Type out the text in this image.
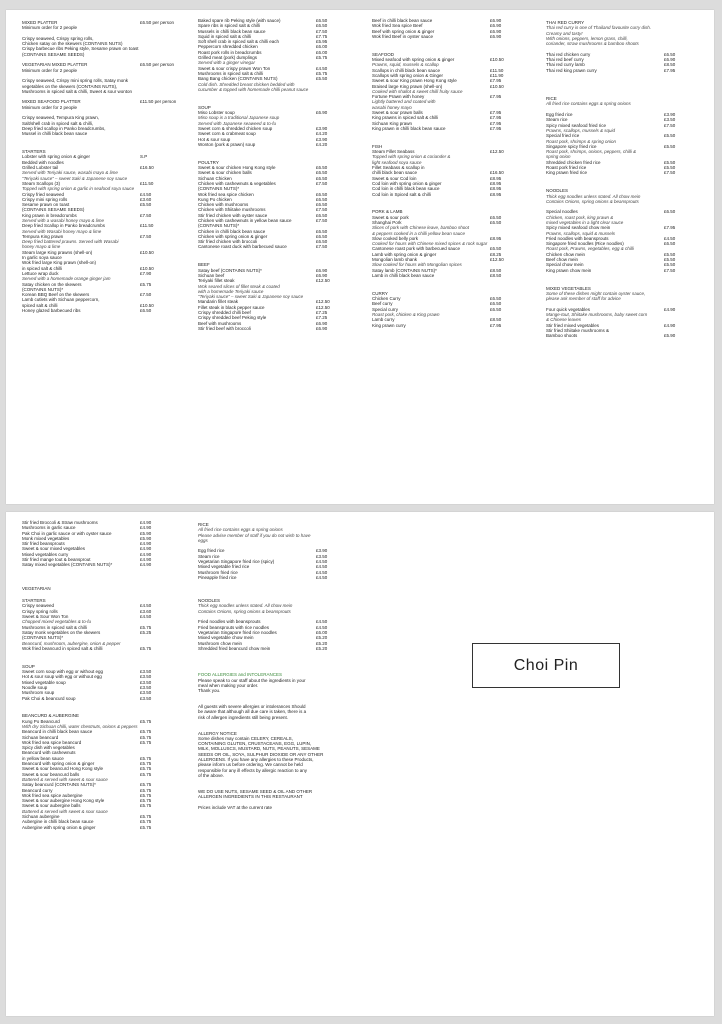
MIXED PLATTER	£6.50 per person
Minimum order for 2 people
Crispy seaweed, Crispy spring rolls,
Chicken satay on the skewers (CONTAINS NUTS)
Crispy barbecue ribs Peking style, Sesame prawn on toast
(CONTAINS SESAME SEEDS)
VEGETARIAN MIXED PLATTER	£6.50 per person
Minimum order for 2 people
Crispy seaweed, Crispy mini spring rolls, Satay monk
vegetables on the skewers (CONTAINS NUTS),
Mushrooms in spiced salt & chilli, Sweet & sour wonton
MIXED SEAFOOD PLATTER	£11.50 per person
Minimum order for 2 people
Crispy seaweed, Tempura King prawn,
Salt/shell crab in spiced salt & chilli,
Deep fried scallop in Panko breadcrumbs,
Mussel in chilli black bean sauce
STARTERS
Lobster with spring onion & ginger	S.P
Bedded with noodles
Grilled Lobster tail	£16.50
Served with Teriyaki sauce, wasabi mayo & lime
"Teriyaki sauce" – sweet Saki & Japanese soy sauce
Steam Scallops (3)	£11.50
Topped with spring onion & garlic in seafood soya sauce
Crispy fried seaweed	£4.50
Crispy mini spring rolls	£3.60
Sesame prawn on toast	£5.50
(CONTAINS SESAME SEEDS)
King prawn in breadcrumbs	£7.50
Served with a wasabi honey mayo & lime
Deep fried Scallop in Panko breadcrumbs	£11.50
Served with Wasabi honey mayo & lime
Tempura King prawn	£7.50
Deep fried battered prawns. Served with Wasabi
honey mayo & lime
Steam large King prawns (shell-on)	£10.50
In garlic soya sauce
Wok fried large King prawn (shell-on)
in spiced salt & chilli	£10.50
Lettuce wrap duck	£7.90
Served with a homemade orange ginger jam
Satay chicken on the skewers	£5.75
(CONTAINS NUTS)*
Korean BBQ Beef on the skewers	£7.50
Lamb cutlets with Sichuan peppercorn,
spiced salt & chilli	£10.50
Honey glazed barbecued ribs	£6.50
Baked spare rib Peking style (with sauce)	£6.50
Spare ribs in spiced salt & chilli	£6.50
Mussels in chilli black bean sauce	£7.50
Squid in spiced salt & chilli	£7.75
Soft shell crab in spiced salt & chilli each	£5.95
Peppercorn shredded chicken	£6.00
Roast pork rolls in breadcrumbs	£6.00
Grilled meat (pork) dumplings	£5.75
Served with a ginger vinegar
Sweet & sour crispy prawn Won Ton	£4.50
Mushrooms in spiced salt & chilli	£5.75
Bang Bang chicken (CONTAINS NUTS)	£5.50
Cold dish. Shredded breast chicken bedded with
cucumber & topped with homemade chilli peanut sauce
SOUP
Miso Lobster soup	£6.90
Miso soup is a traditional Japanese soup
Served with Japanese seaweed & to-fu
Sweet corn & shredded chicken soup	£3.90
Sweet corn & crabmeat soup	£4.20
Hot & sour soup	£3.90
Wonton (pork & prawn) soup	£4.20
POULTRY
Sweet & sour chicken Hong Kong style	£6.50
Sweet & sour chicken balls	£6.50
Sichuan Chicken	£6.50
Chicken with cashewnuts & vegetables	£7.50
(CONTAINS NUTS)*
Wok fried sea spice chicken	£6.50
Kung Po chicken	£6.50
Chicken with mushrooms	£6.50
Chicken with Shiitake mushrooms	£7.50
Stir fried chicken with oyster sauce	£6.50
Chicken with cashewnuts in yellow bean sauce	£7.50
(CONTAINS NUTS)*
Chicken in chilli black bean sauce	£6.50
Chicken with spring onion & ginger	£6.50
Stir fried chicken with broccoli	£6.50
Cantonese roast duck with barbecued sauce	£7.50
BEEF
Satay beef (CONTAINS NUTS)*	£6.90
Sichuan beef	£6.90
Teriyaki fillet steak	£12.50
Wok seared slices of fillet steak & coated
with a homemade Teriyaki sauce
"Teriyaki sauce" – sweet Saki & Japanese soy sauce
Mandarin fillet steak	£12.50
Fillet steak in black pepper sauce	£12.50
Crispy shredded chilli beef	£7.25
Crispy shredded beef Peking style	£7.25
Beef with mushrooms	£6.90
Stir fried beef with broccoli	£6.90
Beef in chilli black bean sauce	£6.90
Wok fried Sea spice Beef	£6.90
Beef with spring onion & ginger	£6.90
Wok fried Beef in oyster sauce	£6.90
SEAFOOD
Mixed seafood with spring onion & ginger	£10.50
Prawns, squid, mussels & scallop
Scallops in chilli black bean sauce	£11.50
Scallops with spring onion & Ginger	£11.90
Sweet & sour King prawn Hong Kong style	£7.95
Braised large King prawn (shell-on)	£10.50
Cooked with shallot & sweet chilli fruity sauce
Fortune Prawn with honey	£7.95
Lightly battered and coated with
wasabi honey mayo
Sweet & sour prawn balls	£7.95
King prawns in spiced salt & chilli	£7.95
Sichuan King prawn	£7.95
King prawn in chilli black bean sauce	£7.95
FISH
Steam Fillet Seabass	£12.50
Topped with spring onion & coriander &
light seafood soya sauce
Fillet Seabass & scallop in
chilli black bean sauce	£16.50
Sweet & sour Cod loin	£8.95
Cod loin with spring onion & ginger	£8.95
Cod loin in chilli black bean sauce	£8.95
Cod loin in Spiced salt & chilli	£8.95
PORK & LAMB
Sweet & sour pork	£6.50
Shanghai Pork	£6.50
Slices of pork with Chinese leave, bamboo shoot
& peppers cooked in a chilli yellow bean sauce
Slow cooked belly pork	£8.95
Cooked for hours with Chinese mixed spices & rock sugar
Cantonese roast pork with barbecued sauce	£6.50
Lamb with spring onion & ginger	£8.25
Mongolian lamb shank	£12.50
Slow cooked for hours with Mongolian spices
Satay lamb (CONTAINS NUTS)*	£8.50
Lamb in chilli black bean sauce	£8.50
CURRY
Chicken Curry	£6.50
Beef curry	£6.50
Special curry	£6.50
Roast pork, chicken & King prawn
Lamb curry	£8.50
King prawn curry	£7.95
THAI RED CURRY
Thai red curry is one of Thailand favourite curry dish.
Creamy and tasty!
With onions, peppers, lemon grass, chilli,
coriander, straw mushrooms & bamboo shoots
Thai red chicken curry	£6.50
Thai red beef curry	£6.90
Thai red curry lamb	£8.50
Thai red king prawn curry	£7.95
RICE
All fried rice contains eggs & spring onions
Egg fried rice	£3.90
Steam rice	£3.50
Spicy mixed seafood fried rice	£7.50
Prawns, scallops, mussels & squid
Special fried rice	£5.50
Roast pork, shrimps & spring onion
Singapore spicy fried rice	£5.50
Roast pork, shrimps, onions, peppers, chilli &
spring onion
Shredded chicken fried rice	£5.50
Roast pork fried rice	£5.50
King prawn fried rice	£7.50
NOODLES
Thick egg noodles unless stated. All chow mein
Contains Onions, spring onions & beansprouts
Special noodles	£6.50
Chicken, roast pork, king prawn &
mixed vegetables in a light clear sauce
Spicy mixed seafood chow mein	£7.95
Prawns, scallops, squid & mussels
Fried noodles with beansprouts	£4.50
Singapore fried noodles (Rice noodles)	£6.50
Roast pork, Prawns, vegetables, egg & chilli
Chicken chow mein	£5.50
Beef chow mein	£5.50
Special chow mein	£5.50
King prawn chow mein	£7.50
MIXED VEGETABLES
Some of these dishes might contain oyster sauce,
please ask member of staff for advice
Four quick vegetables	£4.90
Mange-tout, Shiitake mushrooms, baby sweet corn
& Chinese leaves
Stir fried mixed vegetables	£4.90
Stir fried Shiitake mushrooms &
Bamboo shoots	£5.90
Stir fried Broccoli & Straw mushrooms	£4.90
Mushrooms in garlic sauce	£4.90
Pak Choi in garlic sauce or with oyster sauce	£5.90
Monk mixed vegetables	£5.90
Stir fried beansprouts	£4.90
Sweet & sour mixed vegetables	£4.90
Mixed vegetables curry	£4.90
Stir fried mange tout & beansprout	£4.90
Satay mixed vegetables (CONTAINS NUTS)*	£4.90
VEGETARIAN
STARTERS
Crispy seaweed	£4.50
Crispy spring rolls	£3.60
Sweet & Sour Won Ton	£4.50
Chopped mixed vegetables & to-fu
Mushrooms in spiced salt & chilli	£5.75
Satay monk vegetables on the skewers	£5.25
(CONTAINS NUTS)*
Beancurd, mushroom, aubergine, onion & pepper
Wok fried beancurd in spiced salt & chilli	£5.75
SOUP
Sweet corn soup with egg or without egg	£3.50
Hot & sour soup with egg or without egg	£3.50
Mixed vegetable soup	£3.50
Noodle soup	£3.50
Mushroom soup	£3.50
Pak Choi & beancurd soup	£3.50
BEANCURD & AUBERGINE
Kung Po Beancurd	£5.75
With dry Sichuan chilli, water chestnuts, onions & peppers
Beancurd in chilli black bean sauce	£5.75
Sichuan beancurd	£5.75
Wok fried sea spice beancurd	£5.75
Spicy dish with vegetables
Beancurd with cashewnuts
in yellow bean sauce	£5.75
Beancurd with spring onion & ginger	£5.75
Sweet & sour beancurd Hong Kong style	£5.75
Sweet & sour beancurd balls	£5.75
Battered & served with sweet & sour sauce
Satay beancurd (CONTAINS NUTS)*	£5.75
Beancurd curry	£5.75
Wok fried sea spice aubergine	£5.75
Sweet & sour aubergine Hong Kong style	£5.75
Sweet & sour aubergine balls	£5.75
Battered & served with sweet & sour sauce
Sichuan aubergine	£5.75
Aubergine in chilli black bean sauce	£5.75
Aubergine with spring onion & ginger	£5.75
RICE
All fried rice contains eggs & spring onions
Please advise member of staff if you do not wish to have
eggs
Egg fried rice	£3.90
Steam rice	£3.50
Vegetarian Singapore fried rice (spicy)	£4.50
Mixed vegetable fried rice	£4.50
Mushroom fried rice	£4.50
Pineapple fried rice	£4.50
NOODLES
Thick egg noodles unless stated. All chow mein
Contains Onions, spring onions & beansprouts
Fried noodles with beansprouts	£4.50
Fried beansprouts with rice noodles	£4.50
Vegetarian Singapore fried rice noodles	£6.00
Mixed vegetable chow mein	£5.20
Mushroom chow mein	£5.20
Shredded fried beancurd chow mein	£5.20
FOOD ALLERGIES and INTOLERANCES
Please speak to our staff about the ingredients in your
meal when making your order.
Thank you.
All guests with severe allergies or intolerances Should
be aware that although all due care is taken, there is a
risk of allergen ingredients still being present.
ALLERGY NOTICE
Some dishes may contain CELERY, CEREALS,
CONTAINING GLUTEN, CRUSTACEANS, EGG, LUPIN,
MILK, MOLLUSCS, MUSTARD, NUTS, PEANUTS, SESAME
SEEDS OR OIL, SOYA, SULPHUR DIOXIDE OR ANY OTHER
ALLERGENS. If you have any allergies to these Products,
please inform us before ordering. We cannot be held
responsible for any ill effects by allergic reaction to any
of the above.
WE DO USE NUTS, SESAME SEED & OIL AND OTHER
ALLERGEN INGREDIENTS IN THIS RESTAURANT
Prices include VAT at the current rate
Choi Pin
